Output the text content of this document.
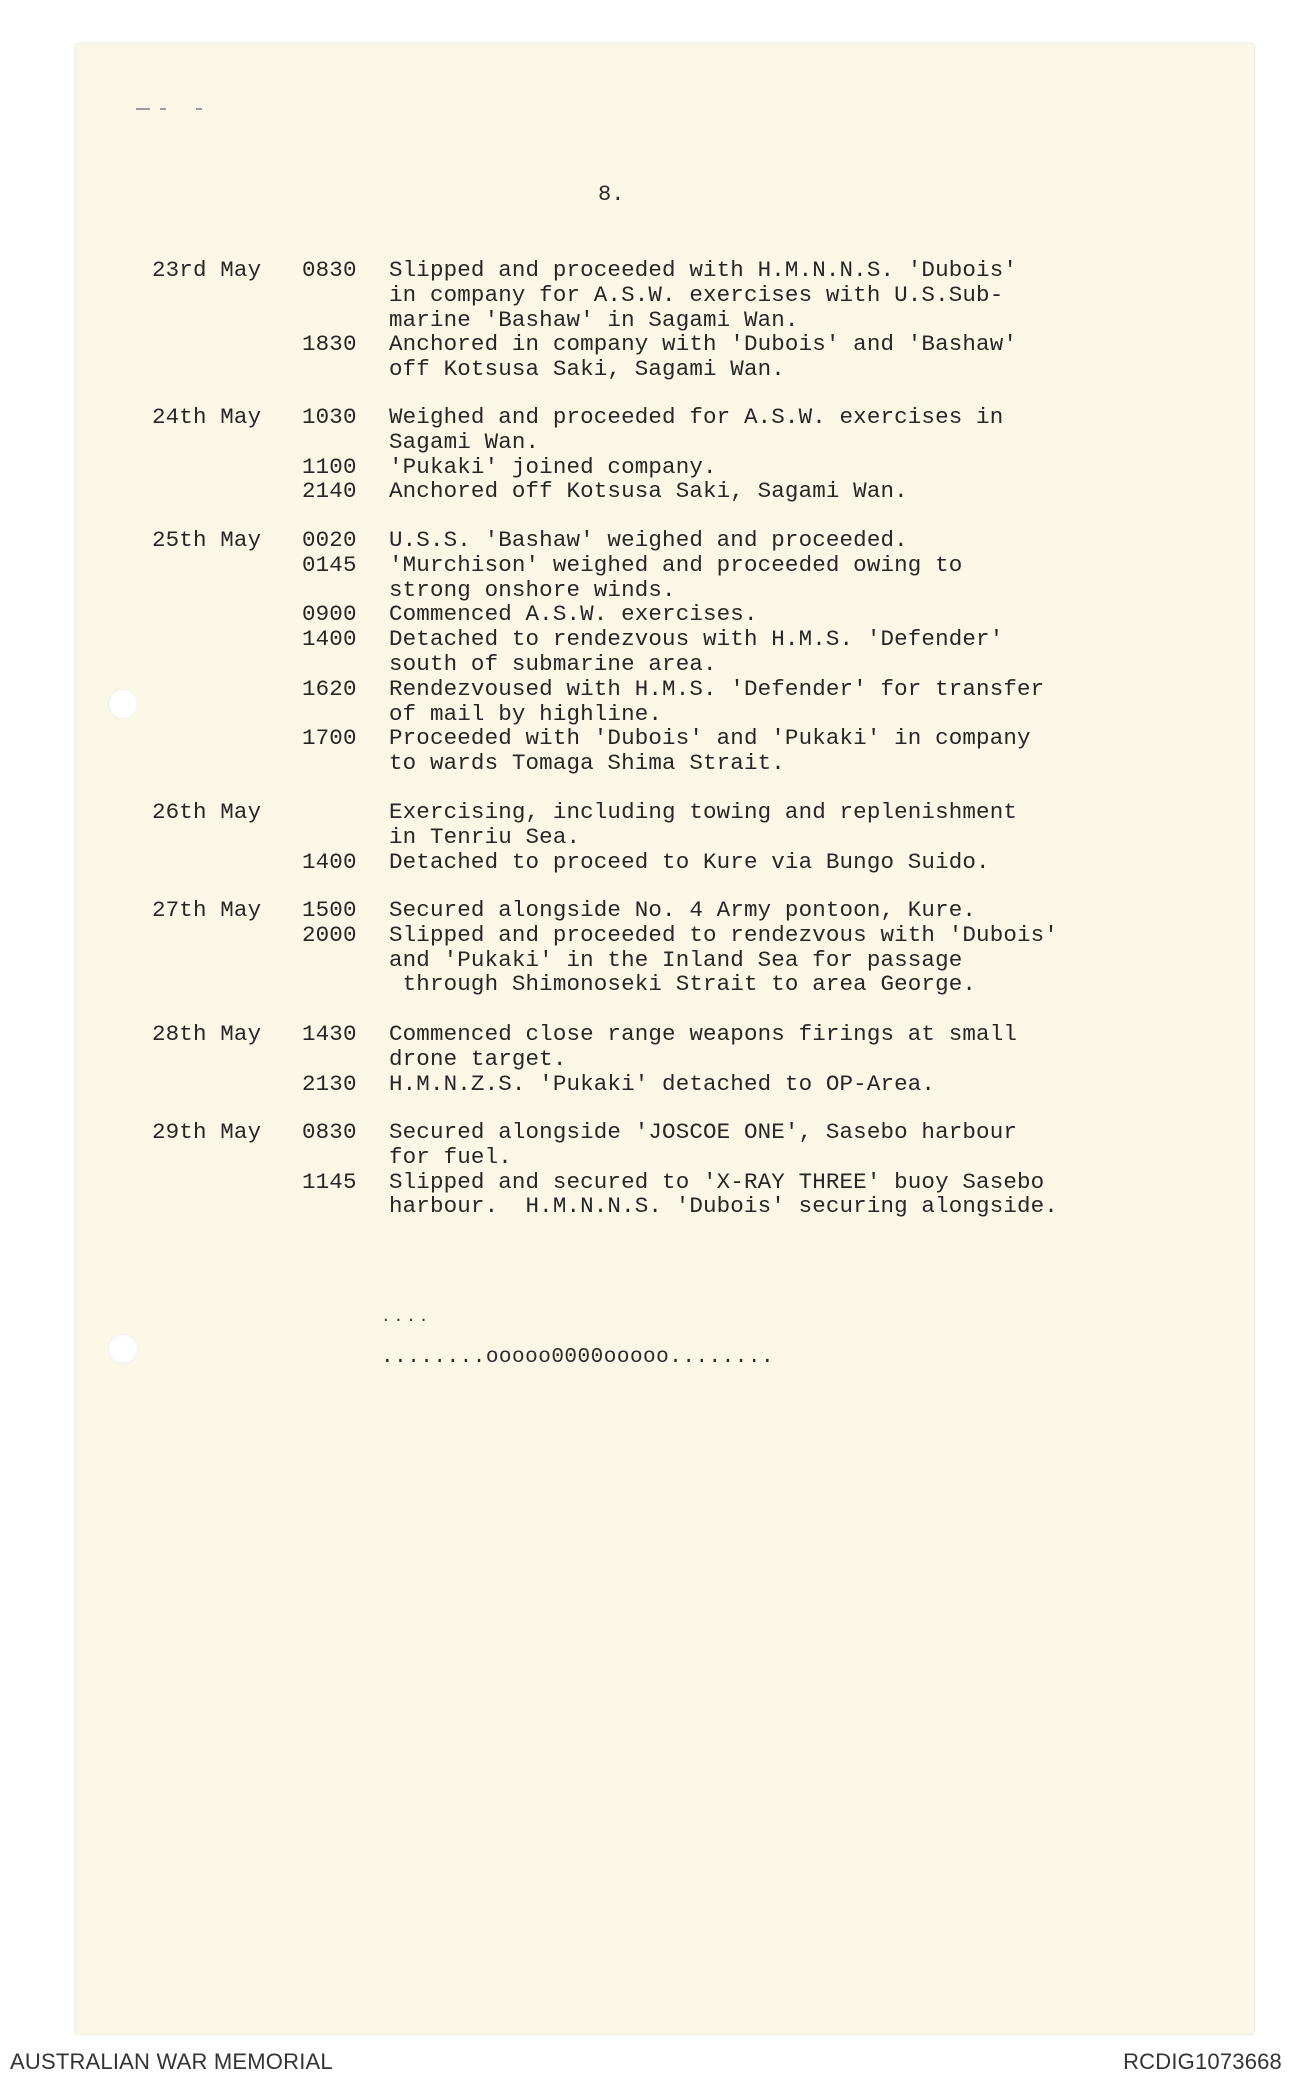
8.
23rd May 0830 Slipped and proceeded with H.M.N.N.S. 'Dubois'
in company for A.S.W. exercises with U.S.Sub-
marine 'Bashaw' in Sagami Wan.
1830 Anchored in company with 'Dubois' and 'Bashaw'
off Kotsusa Saki, Sagami Wan.
24th May 1030 Weighed and proceeded for A.S.W. exercises in
Sagami Wan.
1100 'Pukaki' joined company.
2140 Anchored off Kotsusa Saki, Sagami Wan.
25th May 0020 U.S.S. 'Bashaw' weighed and proceeded.
0145 'Murchison' weighed and proceeded owing to
strong onshore winds.
0900 Commenced A.S.W. exercises.
1400 Detached to rendezvous with H.M.S. 'Defender'
south of submarine area.
1620 Rendezvoused with H.M.S. 'Defender' for transfer
of mail by highline.
1700 Proceeded with 'Dubois' and 'Pukaki' in company
to wards Tomaga Shima Strait.
26th May	Exercising, including towing and replenishment
in Tenriu Sea.
1400 Detached to proceed to Kure via Bungo Suido.
27th May 1500 Secured alongside No. 4 Army pontoon, Kure.
2000 Slipped and proceeded to rendezvous with 'Dubois'
and 'Pukaki' in the Inland Sea for passage
through Shimonoseki Strait to area George.
28th May 1430 Commenced close range weapons firings at small
drone target.
2130 H.M.N.Z.S. 'Pukaki' detached to OP-Area.
29th May 0830 Secured alongside 'JOSCOE ONE', Sasebo harbour
for fuel.
1145 Slipped and secured to 'X-RAY THREE' buoy Sasebo
harbour.  H.M.N.N.S. 'Dubois' securing alongside.
....
........ooooo0000ooooo........
AUSTRALIAN WAR MEMORIAL	RCDIG1073668
